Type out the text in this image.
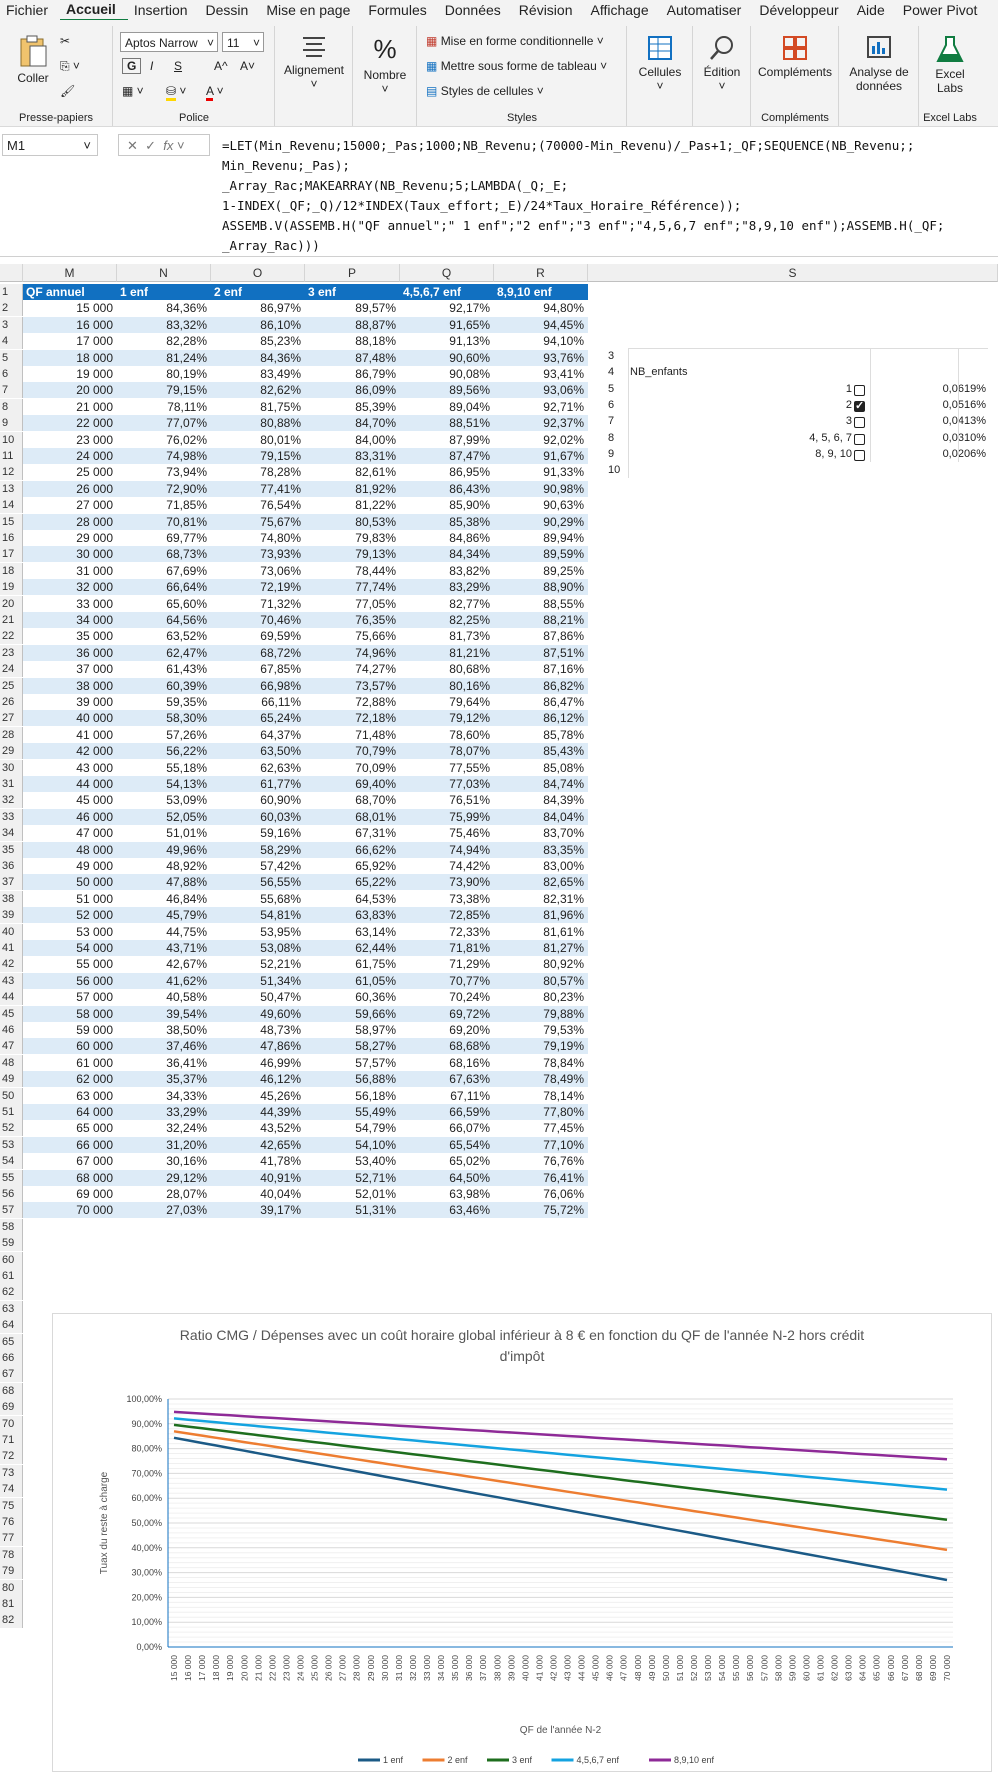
Fichier	Accueil	Insertion	Dessin	Mise en page	Formules	Données	Révision	Affichage	Automatiser	Développeur	Aide	Power Pivot
Coller
✂
⎘ ˅
🖌
Presse-papiers
Aptos Narrow ˅	11 ˅
G	I S	A^ A˅
▦ ˅ ⛁ ˅ A ˅
Police
Alignement
˅
%
Nombre
˅
▦ Mise en forme conditionnelle ˅
▦ Mettre sous forme de tableau ˅
▤ Styles de cellules ˅
Styles
Cellules
˅
Édition
˅
Compléments
Compléments
Analyse de données
Excel Labs
Excel Labs
M1	˅	✕  ✓  fx ˅	=LET(Min_Revenu;15000;_Pas;1000;NB_Revenu;(70000-Min_Revenu)/_Pas+1;_QF;SEQUENCE(NB_Revenu;;
Min_Revenu;_Pas);
_Array_Rac;MAKEARRAY(NB_Revenu;5;LAMBDA(_Q;_E;
1-INDEX(_QF;_Q)/12*INDEX(Taux_effort;_E)/24*Taux_Horaire_Référence));
ASSEMB.V(ASSEMB.H("QF annuel";" 1 enf";"2 enf";"3 enf";"4,5,6,7 enf";"8,9,10 enf");ASSEMB.H(_QF;
_Array_Rac)))
M	N	O	P	Q	R	S
1	QF annuel	1 enf	2 enf	3 enf	4,5,6,7 enf	8,9,10 enf
2	15 000	84,36%	86,97%	89,57%	92,17%	94,80%
3	16 000	83,32%	86,10%	88,87%	91,65%	94,45%
4	17 000	82,28%	85,23%	88,18%	91,13%	94,10%
5	18 000	81,24%	84,36%	87,48%	90,60%	93,76%
6	19 000	80,19%	83,49%	86,79%	90,08%	93,41%
7	20 000	79,15%	82,62%	86,09%	89,56%	93,06%
8	21 000	78,11%	81,75%	85,39%	89,04%	92,71%
9	22 000	77,07%	80,88%	84,70%	88,51%	92,37%
10	23 000	76,02%	80,01%	84,00%	87,99%	92,02%
11	24 000	74,98%	79,15%	83,31%	87,47%	91,67%
12	25 000	73,94%	78,28%	82,61%	86,95%	91,33%
13	26 000	72,90%	77,41%	81,92%	86,43%	90,98%
14	27 000	71,85%	76,54%	81,22%	85,90%	90,63%
15	28 000	70,81%	75,67%	80,53%	85,38%	90,29%
16	29 000	69,77%	74,80%	79,83%	84,86%	89,94%
17	30 000	68,73%	73,93%	79,13%	84,34%	89,59%
18	31 000	67,69%	73,06%	78,44%	83,82%	89,25%
19	32 000	66,64%	72,19%	77,74%	83,29%	88,90%
20	33 000	65,60%	71,32%	77,05%	82,77%	88,55%
21	34 000	64,56%	70,46%	76,35%	82,25%	88,21%
22	35 000	63,52%	69,59%	75,66%	81,73%	87,86%
23	36 000	62,47%	68,72%	74,96%	81,21%	87,51%
24	37 000	61,43%	67,85%	74,27%	80,68%	87,16%
25	38 000	60,39%	66,98%	73,57%	80,16%	86,82%
26	39 000	59,35%	66,11%	72,88%	79,64%	86,47%
27	40 000	58,30%	65,24%	72,18%	79,12%	86,12%
28	41 000	57,26%	64,37%	71,48%	78,60%	85,78%
29	42 000	56,22%	63,50%	70,79%	78,07%	85,43%
30	43 000	55,18%	62,63%	70,09%	77,55%	85,08%
31	44 000	54,13%	61,77%	69,40%	77,03%	84,74%
32	45 000	53,09%	60,90%	68,70%	76,51%	84,39%
33	46 000	52,05%	60,03%	68,01%	75,99%	84,04%
34	47 000	51,01%	59,16%	67,31%	75,46%	83,70%
35	48 000	49,96%	58,29%	66,62%	74,94%	83,35%
36	49 000	48,92%	57,42%	65,92%	74,42%	83,00%
37	50 000	47,88%	56,55%	65,22%	73,90%	82,65%
38	51 000	46,84%	55,68%	64,53%	73,38%	82,31%
39	52 000	45,79%	54,81%	63,83%	72,85%	81,96%
40	53 000	44,75%	53,95%	63,14%	72,33%	81,61%
41	54 000	43,71%	53,08%	62,44%	71,81%	81,27%
42	55 000	42,67%	52,21%	61,75%	71,29%	80,92%
43	56 000	41,62%	51,34%	61,05%	70,77%	80,57%
44	57 000	40,58%	50,47%	60,36%	70,24%	80,23%
45	58 000	39,54%	49,60%	59,66%	69,72%	79,88%
46	59 000	38,50%	48,73%	58,97%	69,20%	79,53%
47	60 000	37,46%	47,86%	58,27%	68,68%	79,19%
48	61 000	36,41%	46,99%	57,57%	68,16%	78,84%
49	62 000	35,37%	46,12%	56,88%	67,63%	78,49%
50	63 000	34,33%	45,26%	56,18%	67,11%	78,14%
51	64 000	33,29%	44,39%	55,49%	66,59%	77,80%
52	65 000	32,24%	43,52%	54,79%	66,07%	77,45%
53	66 000	31,20%	42,65%	54,10%	65,54%	77,10%
54	67 000	30,16%	41,78%	53,40%	65,02%	76,76%
55	68 000	29,12%	40,91%	52,71%	64,50%	76,41%
56	69 000	28,07%	40,04%	52,01%	63,98%	76,06%
57	70 000	27,03%	39,17%	51,31%	63,46%	75,72%
58
59
60
61
62
63
64
65
66
67
68
69
70
71
72
73
74
75
76
77
78
79
80
81
82
3
4
5
6
7
8
9
10
NB_enfants
1	0,0619%
2
✓	0,0516%
3	0,0413%
4, 5, 6, 7	0,0310%
8, 9, 10	0,0206%
Ratio CMG / Dépenses avec un coût horaire global inférieur à 8 € en fonction du QF de l'année N-2 hors crédit d'impôt
0,00%
10,00%
20,00%
30,00%
40,00%
50,00%
60,00%
70,00%
80,00%
90,00%
100,00%
15 000 16 000 17 000 18 000 19 000 20 000 21 000 22 000 23 000 24 000 25 000 26 000 27 000 28 000 29 000 30 000 31 000 32 000 33 000 34 000 35 000 36 000 37 000 38 000 39 000 40 000 41 000 42 000 43 000 44 000 45 000 46 000 47 000 48 000 49 000 50 000 51 000 52 000 53 000 54 000 55 000 56 000 57 000 58 000 59 000 60 000 61 000 62 000 63 000 64 000 65 000 66 000 67 000 68 000 69 000 70 000
Tuax du reste à charge
QF de l'année N-2
1 enf	2 enf	3 enf	4,5,6,7 enf	8,9,10 enf
